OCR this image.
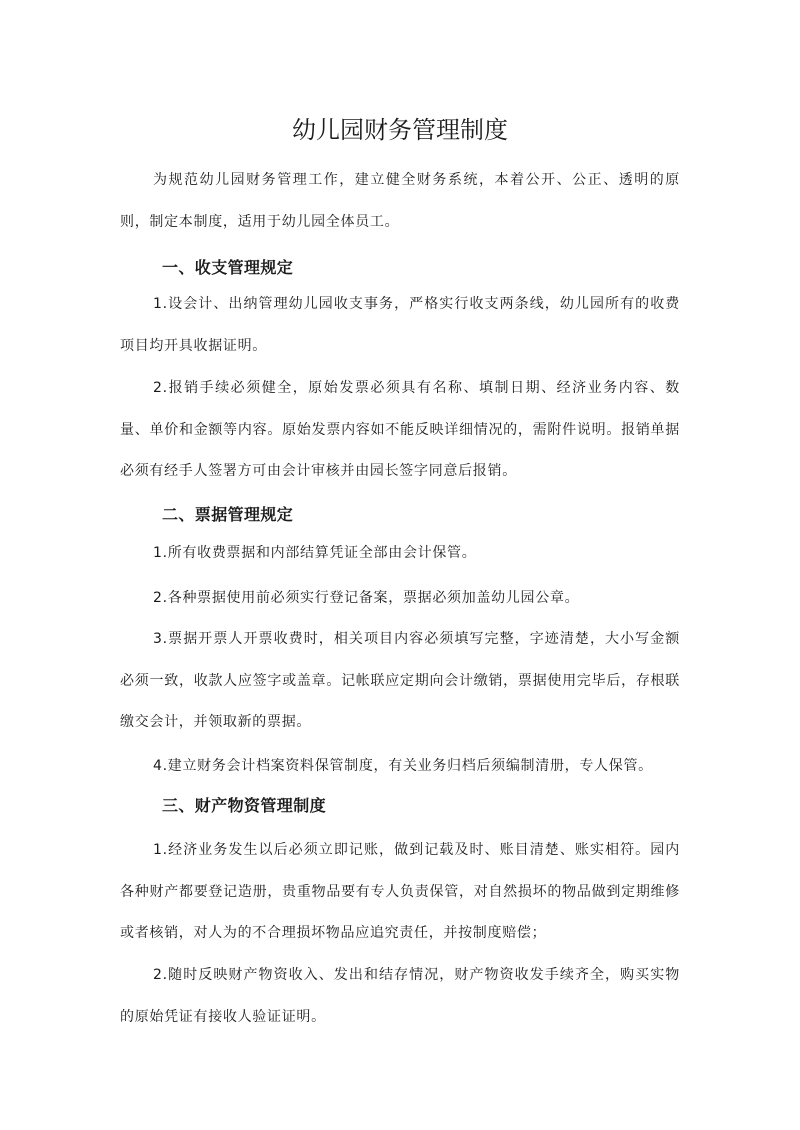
幼儿园财务管理制度

为规范幼儿园财务管理工作，建立健全财务系统，本着公开、公正、透明的原则，制定本制度，适用于幼儿园全体员工。

一、收支管理规定

1.设会计、出纳管理幼儿园收支事务，严格实行收支两条线，幼儿园所有的收费项目均开具收据证明。

2.报销手续必须健全，原始发票必须具有名称、填制日期、经济业务内容、数量、单价和金额等内容。原始发票内容如不能反映详细情况的，需附件说明。报销单据必须有经手人签署方可由会计审核并由园长签字同意后报销。

二、票据管理规定

1.所有收费票据和内部结算凭证全部由会计保管。

2.各种票据使用前必须实行登记备案，票据必须加盖幼儿园公章。

3.票据开票人开票收费时，相关项目内容必须填写完整，字迹清楚，大小写金额必须一致，收款人应签字或盖章。记帐联应定期向会计缴销，票据使用完毕后，存根联缴交会计，并领取新的票据。

4.建立财务会计档案资料保管制度，有关业务归档后须编制清册，专人保管。

三、财产物资管理制度

1.经济业务发生以后必须立即记账，做到记载及时、账目清楚、账实相符。园内各种财产都要登记造册，贵重物品要有专人负责保管，对自然损坏的物品做到定期维修或者核销，对人为的不合理损坏物品应追究责任，并按制度赔偿；

2.随时反映财产物资收入、发出和结存情况，财产物资收发手续齐全，购买实物的原始凭证有接收人验证证明。
